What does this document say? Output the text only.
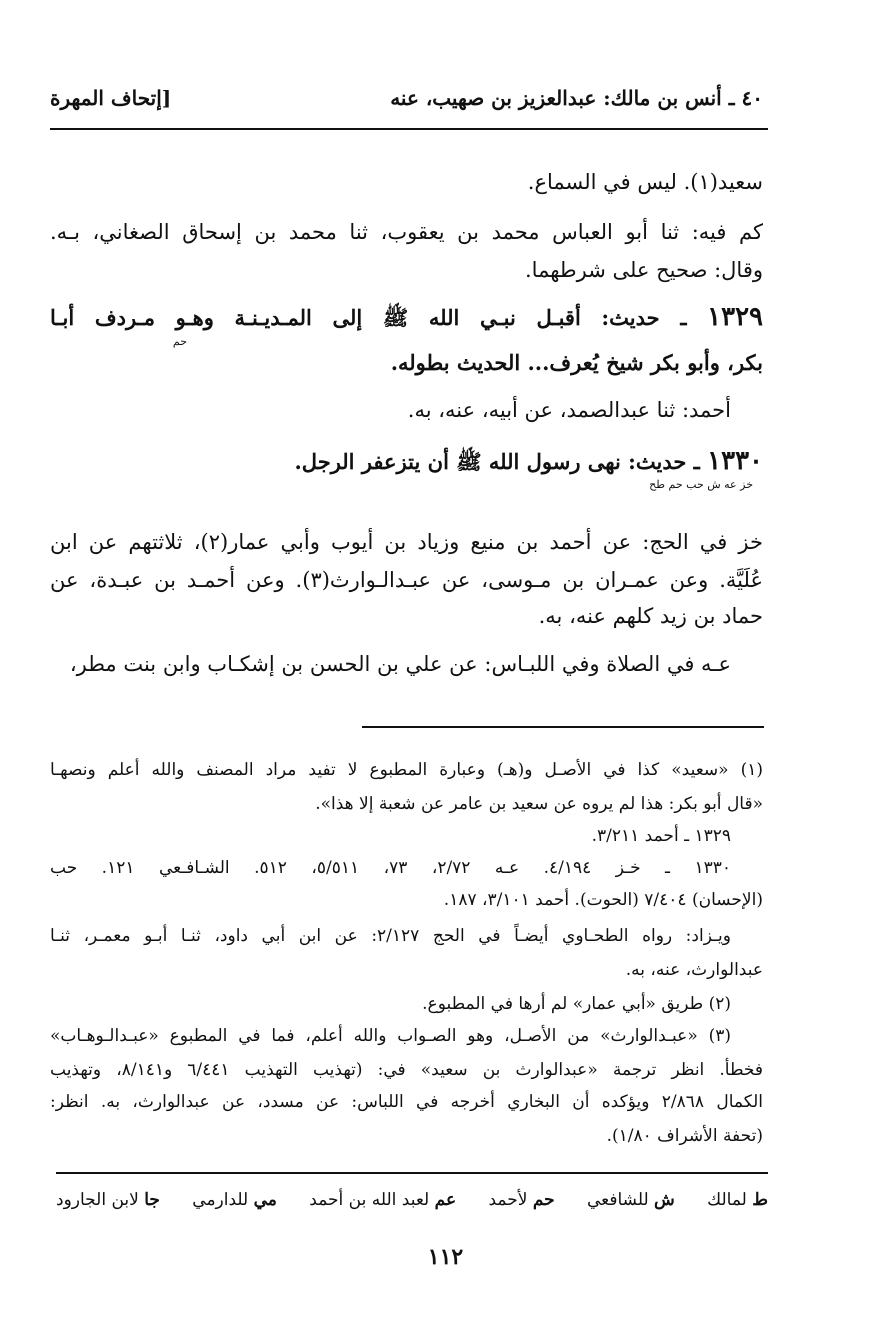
٤٠ ـ أنس بن مالك: عبدالعزيز بن صهيب، عنه
[إتحاف المهرة
سعيد(١). ليس في السماع.
كم فيه: ثنا أبو العباس محمد بن يعقوب، ثنا محمد بن إسحاق الصغاني، بـه.
وقال: صحيح على شرطهما.
١٣٢٩ ـ حديث: أقبـل نبـي الله ﷺ إلى المـديـنـة وهـو مـردف أبـا
حم
بكر، وأبو بكر شيخ يُعرف... الحديث بطوله.
أحمد: ثنا عبدالصمد، عن أبيه، عنه، به.
١٣٣٠ ـ حديث: نهى رسول الله ﷺ أن يتزعفر الرجل.
خز عه ش حب حم طح
خز في الحج: عن أحمد بن منيع وزياد بن أيوب وأبي عمار(٢)، ثلاثتهم عن ابن
عُلَيَّة. وعن عمـران بن مـوسى، عن عبـدالـوارث(٣). وعن أحمـد بن عبـدة، عن
حماد بن زيد كلهم عنه، به.
عـه في الصلاة وفي اللبـاس: عن علي بن الحسن بن إشكـاب وابن بنت مطر،
(١) «سعيد» كذا في الأصـل و(هـ) وعبارة المطبوع لا تفيد مراد المصنف والله أعلم ونصهـا
«قال أبو بكر: هذا لم يروه عن سعيد بن عامر عن شعبة إلا هذا».
١٣٢٩ ـ أحمد ٣/٢١١.
١٣٣٠ ـ خـز ٤/١٩٤. عـه ٢/٧٢، ٧٣، ٥/٥١١، ٥١٢. الشـافـعي ١٢١. حب
(الإحسان) ٧/٤٠٤ (الحوت). أحمد ٣/١٠١، ١٨٧.
ويـزاد: رواه الطحـاوي أيضـاً في الحج ٢/١٢٧: عن ابن أبي داود، ثنـا أبـو معمـر، ثنـا
عبدالوارث، عنه، به.
(٢) طريق «أبي عمار» لم أرها في المطبوع.
(٣) «عبـدالوارث» من الأصـل، وهو الصـواب والله أعلم، فما في المطبوع «عبـدالـوهـاب»
فخطأ. انظر ترجمة «عبدالوارث بن سعيد» في: (تهذيب التهذيب ٦/٤٤١ و٨/١٤١، وتهذيب
الكمال ٢/٨٦٨ ويؤكده أن البخاري أخرجه في اللباس: عن مسدد، عن عبدالوارث، به. انظر:
(تحفة الأشراف ١/٨٠).
ط لمالك
ش للشافعي
حم لأحمد
عم لعبد الله بن أحمد
مي للدارمي
جا لابن الجارود
١١٢
